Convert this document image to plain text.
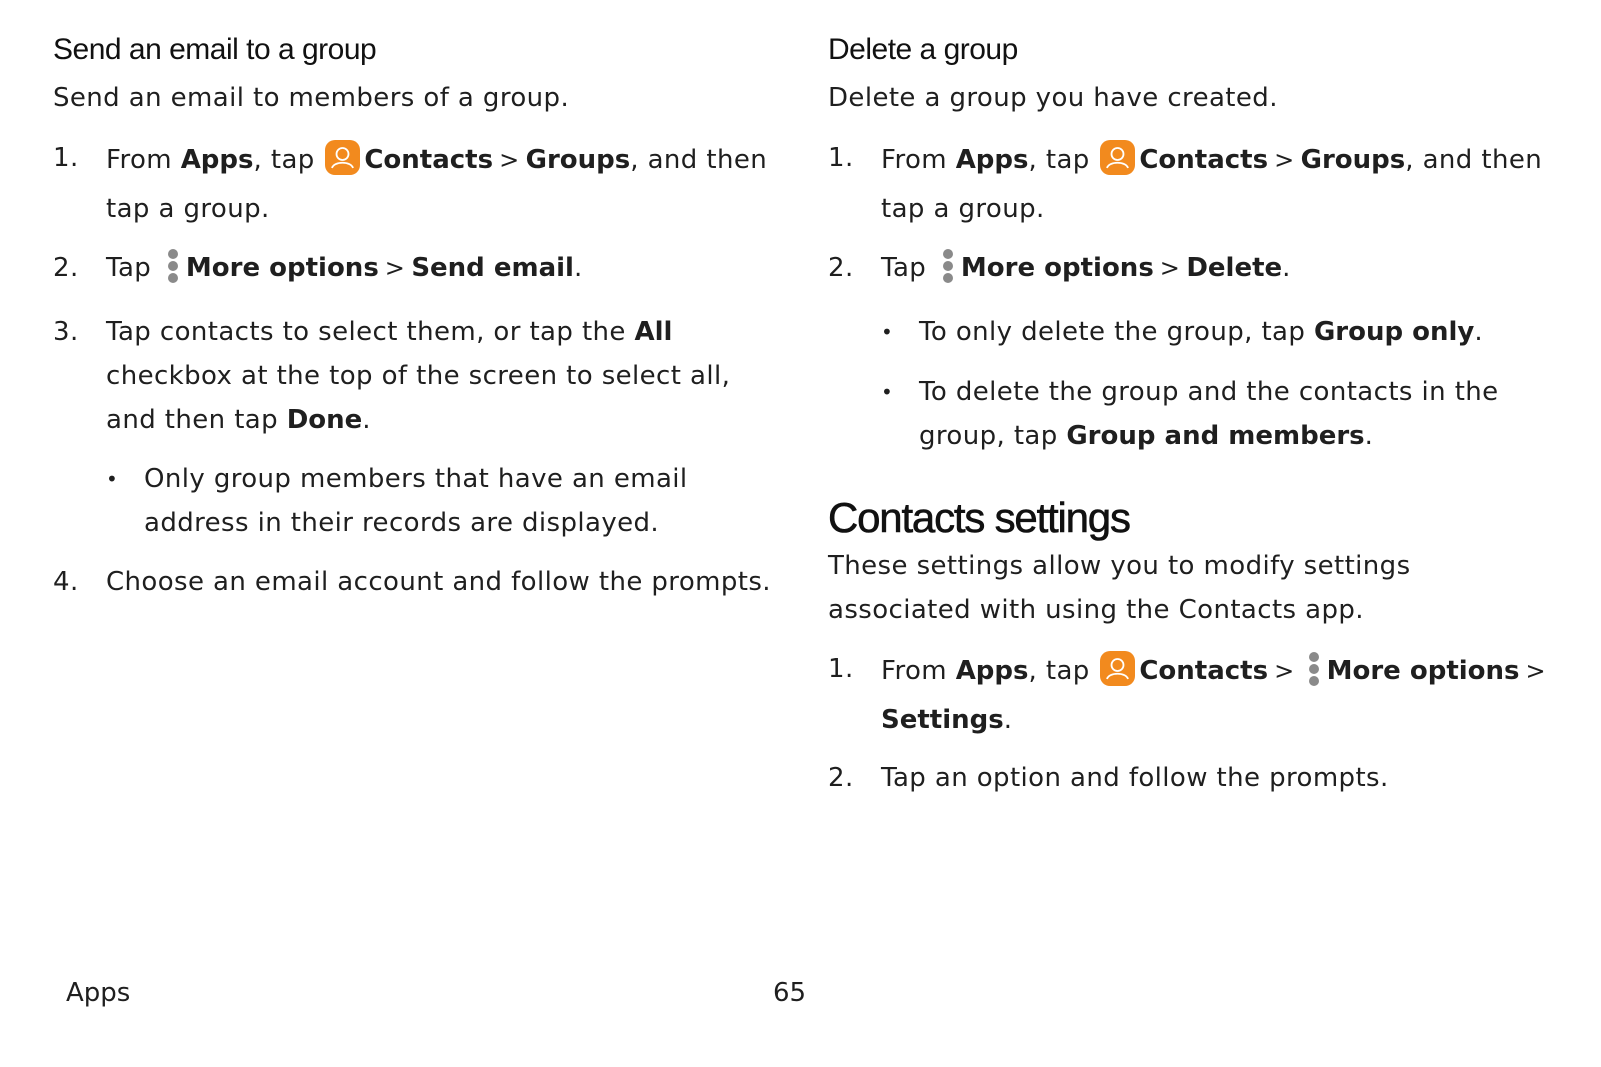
Send an email to a group

Send an email to members of a group.

1. From Apps, tap
Contacts > Groups, and then
tap a group.
2. Tap
More options > Send email.
3. Tap contacts to select them, or tap the All
checkbox at the top of the screen to select all,
and then tap Done.
• Only group members that have an email
address in their records are displayed.
4. Choose an email account and follow the prompts.
Delete a group

Delete a group you have created.

1. From Apps, tap
Contacts > Groups, and then
tap a group.
2. Tap
More options > Delete.
• To only delete the group, tap Group only.
• To delete the group and the contacts in the
group, tap Group and members.
Contacts settings

These settings allow you to modify settings
associated with using the Contacts app.

1. From Apps, tap
Contacts > More options >
Settings.
2. Tap an option and follow the prompts.
Apps	65
